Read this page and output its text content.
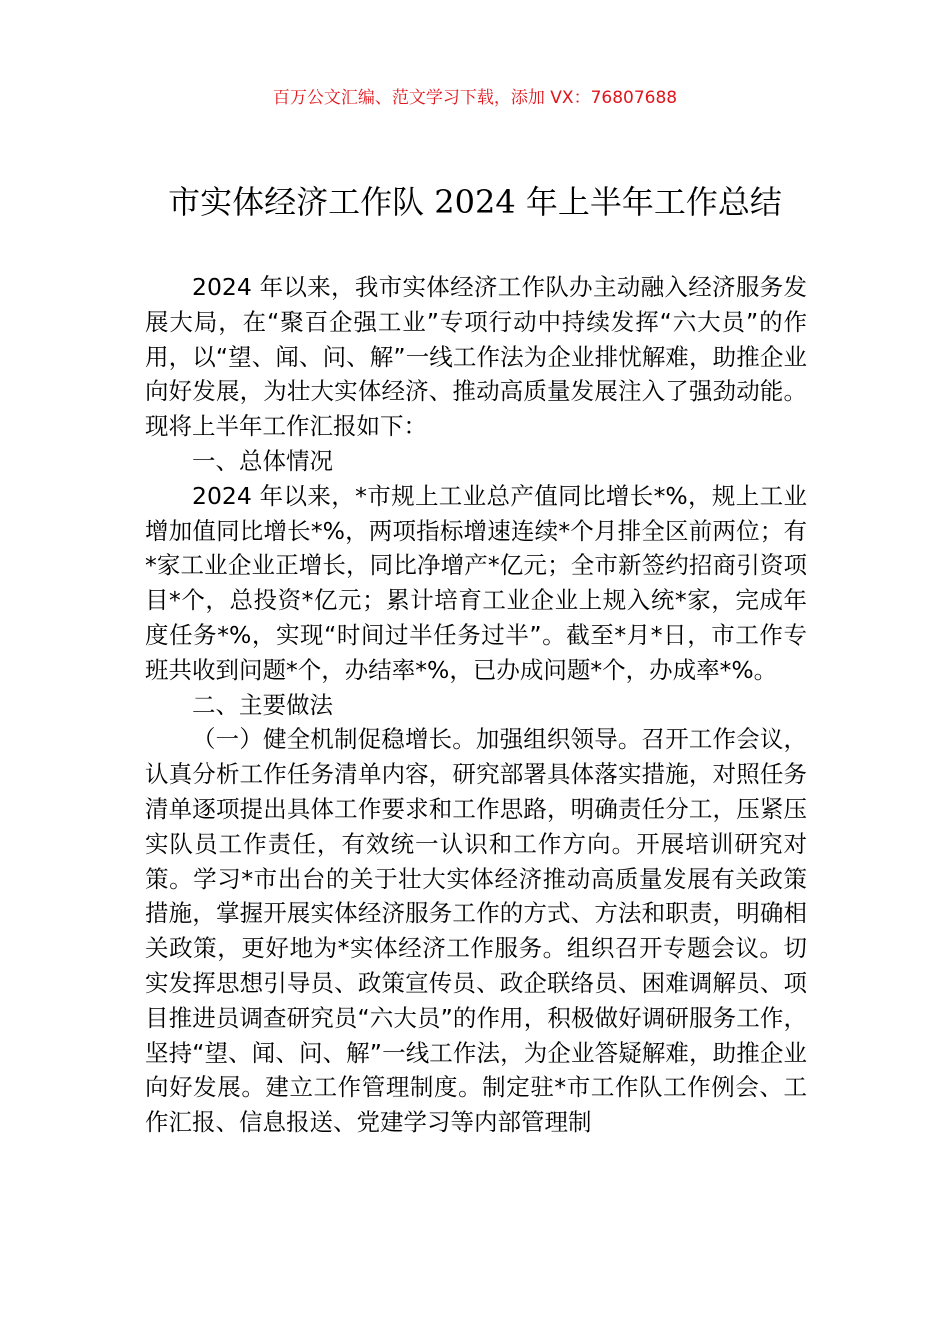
百万公文汇编、范文学习下载，添加 VX：76807688
市实体经济工作队 2024 年上半年工作总结

2024 年以来，我市实体经济工作队办主动融入经济服务发展大局，在“聚百企强工业”专项行动中持续发挥“六大员”的作用，以“望、闻、问、解”一线工作法为企业排忧解难，助推企业向好发展，为壮大实体经济、推动高质量发展注入了强劲动能。现将上半年工作汇报如下：

一、总体情况

2024 年以来，*市规上工业总产值同比增长*%，规上工业增加值同比增长*%，两项指标增速连续*个月排全区前两位；有*家工业企业正增长，同比净增产*亿元；全市新签约招商引资项目*个，总投资*亿元；累计培育工业企业上规入统*家，完成年度任务*%，实现“时间过半任务过半”。截至*月*日，市工作专班共收到问题*个，办结率*%，已办成问题*个，办成率*%。

二、主要做法

（一）健全机制促稳增长。加强组织领导。召开工作会议，认真分析工作任务清单内容，研究部署具体落实措施，对照任务清单逐项提出具体工作要求和工作思路，明确责任分工，压紧压实队员工作责任，有效统一认识和工作方向。开展培训研究对策。学习*市出台的关于壮大实体经济推动高质量发展有关政策措施，掌握开展实体经济服务工作的方式、方法和职责，明确相关政策，更好地为*实体经济工作服务。组织召开专题会议。切实发挥思想引导员、政策宣传员、政企联络员、困难调解员、项目推进员调查研究员“六大员”的作用，积极做好调研服务工作，坚持“望、闻、问、解”一线工作法，为企业答疑解难，助推企业向好发展。建立工作管理制度。制定驻*市工作队工作例会、工作汇报、信息报送、党建学习等内部管理制
